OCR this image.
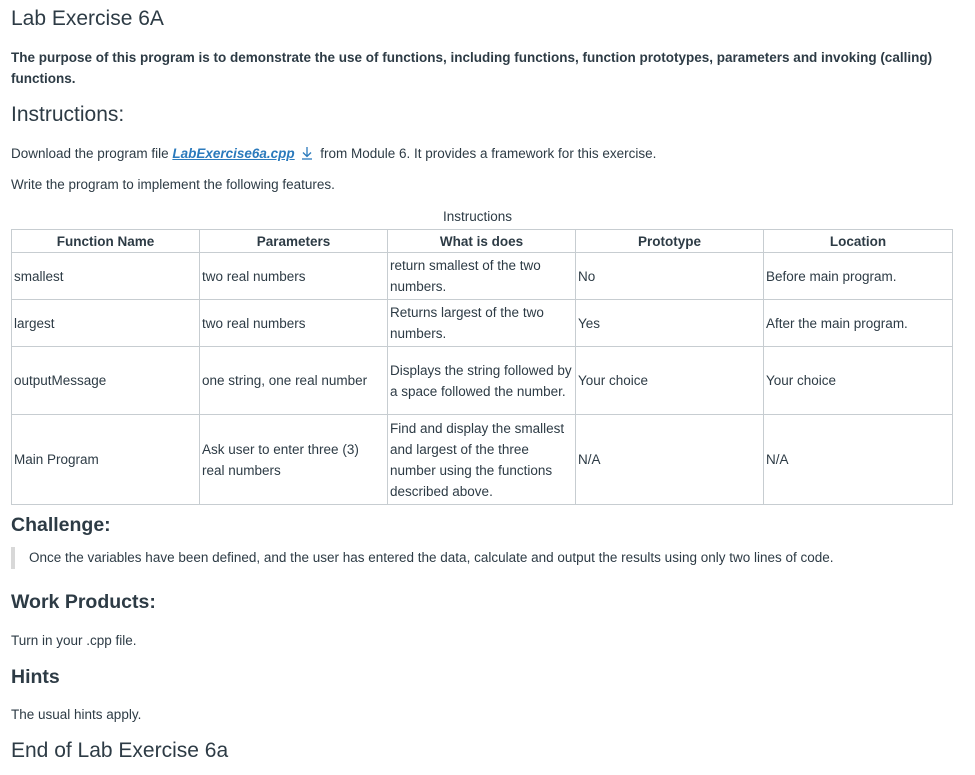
Lab Exercise 6A

The purpose of this program is to demonstrate the use of functions, including functions, function prototypes, parameters and invoking (calling) functions.

Instructions:

Download the program file LabExercise6a.cpp from Module 6. It provides a framework for this exercise.

Write the program to implement the following features.

Instructions
Function Name	Parameters	What is does	Prototype	Location
smallest	two real numbers	return smallest of the two numbers.	No	Before main program.
largest	two real numbers	Returns largest of the two numbers.	Yes	After the main program.
outputMessage	one string, one real number	Displays the string followed by a space followed the number.	Your choice	Your choice
Main Program	Ask user to enter three (3) real numbers	Find and display the smallest and largest of the three number using the functions described above.	N/A	N/A
Challenge:
Once the variables have been defined, and the user has entered the data, calculate and output the results using only two lines of code.
Work Products:

Turn in your .cpp file.

Hints

The usual hints apply.

End of Lab Exercise 6a
